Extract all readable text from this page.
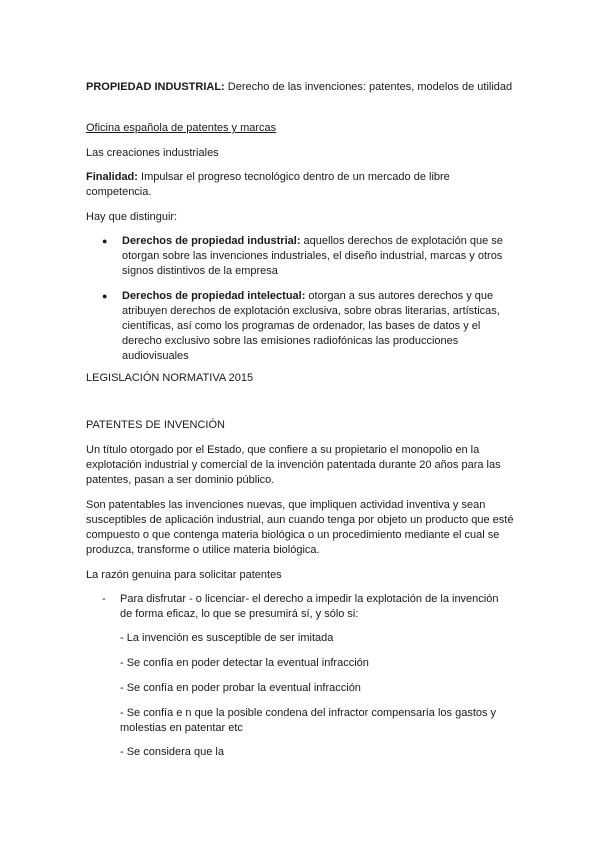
PROPIEDAD INDUSTRIAL: Derecho de las invenciones: patentes, modelos de utilidad

Oficina española de patentes y marcas

Las creaciones industriales

Finalidad: Impulsar el progreso tecnológico dentro de un mercado de libre competencia.

Hay que distinguir:

●	Derechos de propiedad industrial: aquellos derechos de explotación que se otorgan sobre las invenciones industriales, el diseño industrial, marcas y otros signos distintivos de la empresa
●	Derechos de propiedad intelectual: otorgan a sus autores derechos y que atribuyen derechos de explotación exclusiva, sobre obras literarias, artísticas, científicas, así como los programas de ordenador, las bases de datos y el derecho exclusivo sobre las emisiones radiofónicas las producciones audiovisuales

LEGISLACIÓN NORMATIVA 2015

PATENTES DE INVENCIÓN

Un título otorgado por el Estado, que confiere a su propietario el monopolio en la explotación industrial y comercial de la invención patentada durante 20 años para las patentes, pasan a ser dominio público.

Son patentables las invenciones nuevas, que impliquen actividad inventiva y sean susceptibles de aplicación industrial, aun cuando tenga por objeto un producto que esté compuesto o que contenga materia biológica o un procedimiento mediante el cual se produzca, transforme o utilice materia biológica.

La razón genuina para solicitar patentes

- Para disfrutar - o licenciar- el derecho a impedir la explotación de la invención de forma eficaz, lo que se presumirá sí, y sólo si:

- La invención es susceptible de ser imitada

- Se confía en poder detectar la eventual infracción

- Se confía en poder probar la eventual infracción

- Se confía e n que la posible condena del infractor compensaría los gastos y molestias en patentar etc

- Se considera que la
